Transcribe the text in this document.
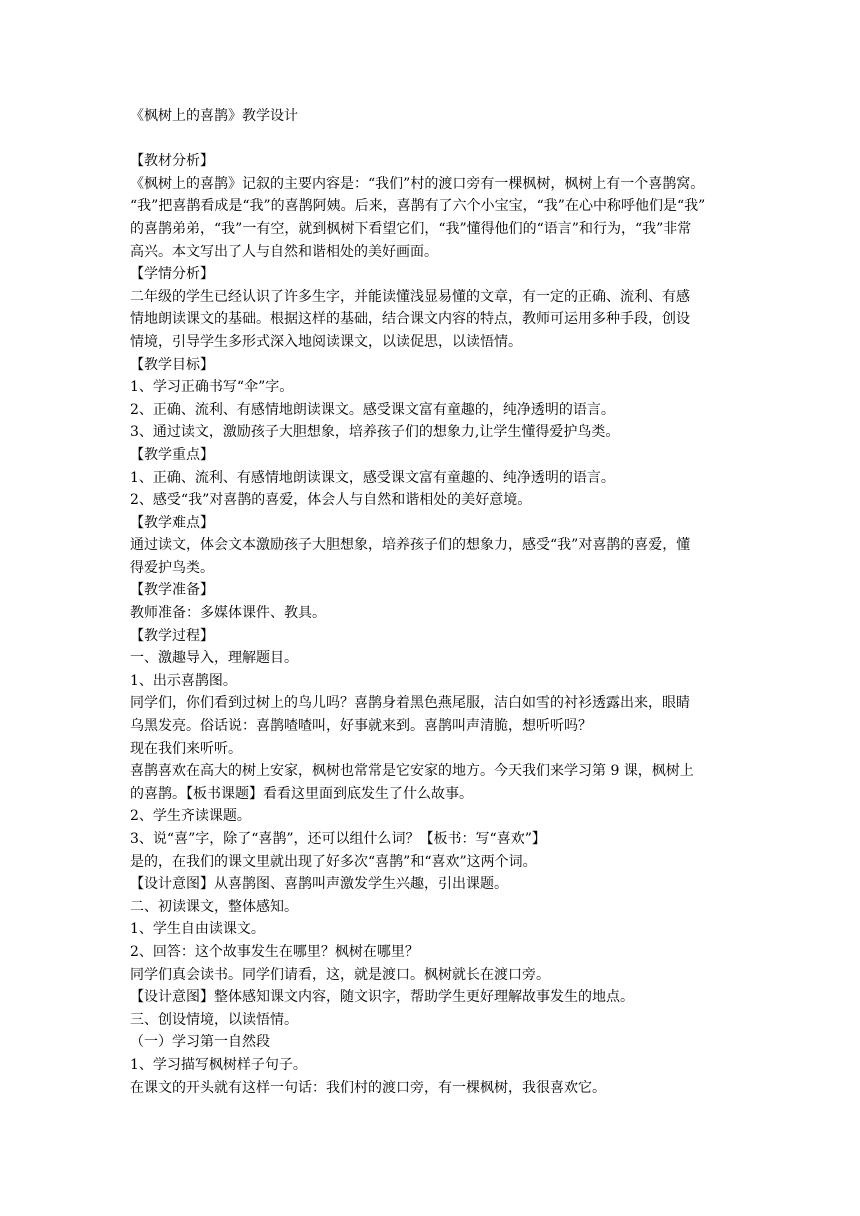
《枫树上的喜鹊》教学设计
【教材分析】
《枫树上的喜鹊》记叙的主要内容是：“我们”村的渡口旁有一棵枫树，枫树上有一个喜鹊窝。
“我”把喜鹊看成是“我”的喜鹊阿姨。后来，喜鹊有了六个小宝宝，“我”在心中称呼他们是“我”
的喜鹊弟弟，“我”一有空，就到枫树下看望它们，“我”懂得他们的“语言”和行为，“我”非常
高兴。本文写出了人与自然和谐相处的美好画面。
【学情分析】
二年级的学生已经认识了许多生字，并能读懂浅显易懂的文章，有一定的正确、流利、有感
情地朗读课文的基础。根据这样的基础，结合课文内容的特点，教师可运用多种手段，创设
情境，引导学生多形式深入地阅读课文，以读促思，以读悟情。
【教学目标】
1、学习正确书写“伞”字。
2、正确、流利、有感情地朗读课文。感受课文富有童趣的，纯净透明的语言。
3、通过读文，激励孩子大胆想象，培养孩子们的想象力,让学生懂得爱护鸟类。
【教学重点】
1、正确、流利、有感情地朗读课文，感受课文富有童趣的、纯净透明的语言。
2、感受“我”对喜鹊的喜爱，体会人与自然和谐相处的美好意境。
【教学难点】
通过读文，体会文本激励孩子大胆想象，培养孩子们的想象力，感受“我”对喜鹊的喜爱，懂
得爱护鸟类。
【教学准备】
教师准备：多媒体课件、教具。
【教学过程】
一、激趣导入，理解题目。
1、出示喜鹊图。
同学们，你们看到过树上的鸟儿吗？喜鹊身着黑色燕尾服，洁白如雪的衬衫透露出来，眼睛
乌黑发亮。俗话说：喜鹊喳喳叫，好事就来到。喜鹊叫声清脆，想听听吗？
现在我们来听听。
喜鹊喜欢在高大的树上安家，枫树也常常是它安家的地方。今天我们来学习第 9 课，枫树上
的喜鹊。【板书课题】看看这里面到底发生了什么故事。
2、学生齐读课题。
3、说“喜”字，除了“喜鹊”，还可以组什么词？【板书：写“喜欢”】
是的，在我们的课文里就出现了好多次“喜鹊”和“喜欢”这两个词。
【设计意图】从喜鹊图、喜鹊叫声激发学生兴趣，引出课题。
二、初读课文，整体感知。
1、学生自由读课文。
2、回答：这个故事发生在哪里？枫树在哪里？
同学们真会读书。同学们请看，这，就是渡口。枫树就长在渡口旁。
【设计意图】整体感知课文内容，随文识字，帮助学生更好理解故事发生的地点。
三、创设情境，以读悟情。
（一）学习第一自然段
1、学习描写枫树样子句子。
在课文的开头就有这样一句话：我们村的渡口旁，有一棵枫树，我很喜欢它。
